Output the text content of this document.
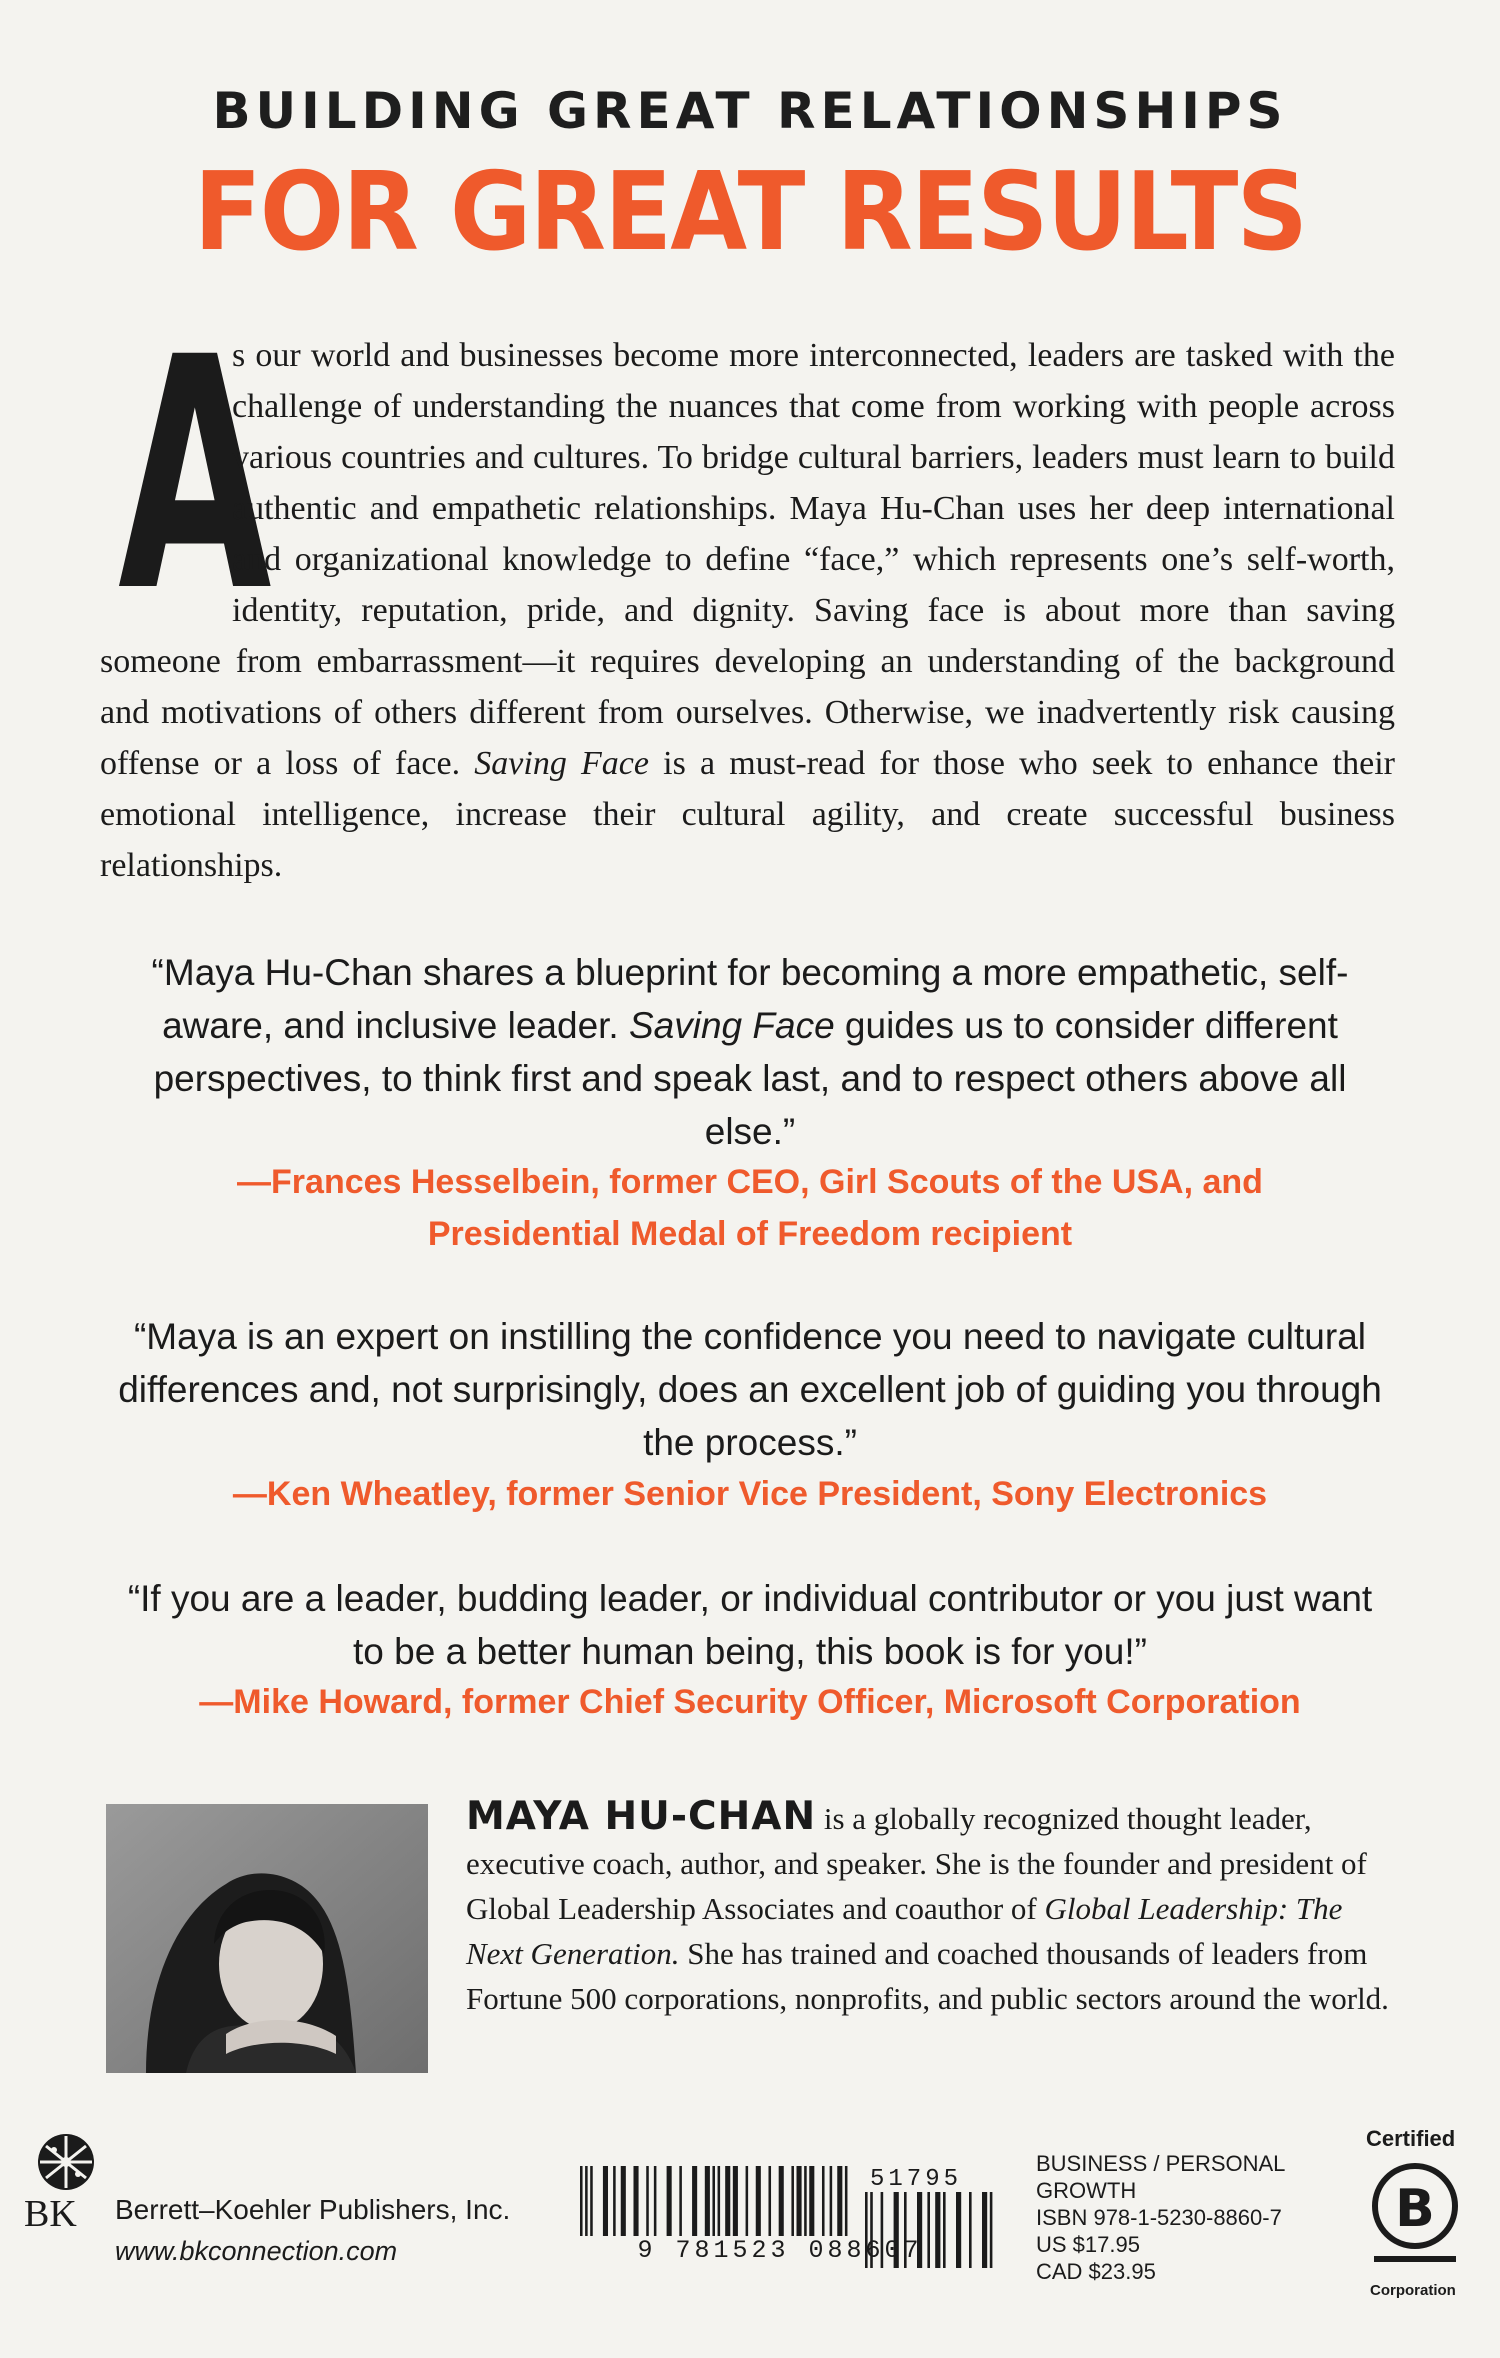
BUILDING GREAT RELATIONSHIPS
FOR GREAT RESULTS
A
s our world and businesses become more interconnected, leaders are tasked with the challenge of understanding the nuances that come from working with people across various countries and cultures. To bridge cultural barriers, leaders must learn to build authentic and empathetic relationships. Maya Hu-Chan uses her deep international and organizational knowledge to define “face,” which represents one’s self-worth, identity, reputation, pride, and dignity. Saving face is about more than saving someone from embarrassment—it requires developing an understanding of the background and motivations of others different from ourselves. Otherwise, we inadvertently risk causing offense or a loss of face. Saving Face is a must-read for those who seek to enhance their emotional intelligence, increase their cultural agility, and create successful business relationships.
“Maya Hu-Chan shares a blueprint for becoming a more empathetic, self-aware, and inclusive leader. Saving Face guides us to consider different perspectives, to think first and speak last, and to respect others above all else.”
—Frances Hesselbein, former CEO, Girl Scouts of the USA, and
Presidential Medal of Freedom recipient
“Maya is an expert on instilling the confidence you need to navigate cultural differences and, not surprisingly, does an excellent job of guiding you through the process.”
—Ken Wheatley, former Senior Vice President, Sony Electronics
“If you are a leader, budding leader, or individual contributor or you just want to be a better human being, this book is for you!”
—Mike Howard, former Chief Security Officer, Microsoft Corporation
MAYA HU-CHAN is a globally recognized thought leader, executive coach, author, and speaker. She is the founder and president of Global Leadership Associates and coauthor of Global Leadership: The Next Generation. She has trained and coached thousands of leaders from Fortune 500 corporations, nonprofits, and public sectors around the world.
BK Berrett–Koehler Publishers, Inc.
www.bkconnection.com	9 781523 088607
51795
BUSINESS / PERSONAL
GROWTH
ISBN 978-1-5230-8860-7
US $17.95
CAD $23.95
Certified
B
Corporation
